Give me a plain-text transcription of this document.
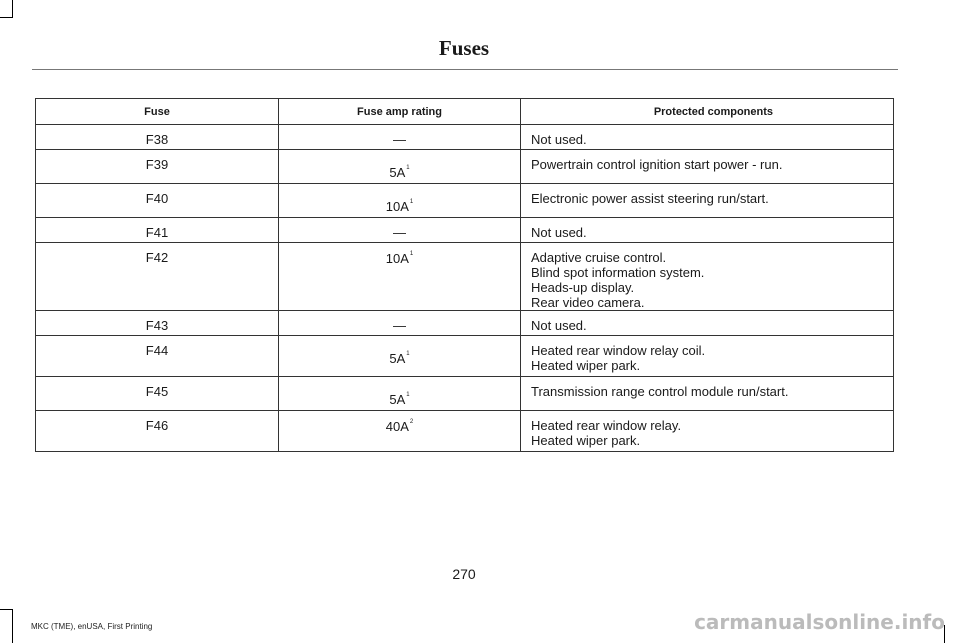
Fuses
Fuse	Fuse amp rating	Protected components
F38	—	Not used.

F39	$5A^1$	Powertrain control ignition start power - run.

F40	$10A^1$	Electronic power assist steering run/start.

F41	—	Not used.

F42	$10A^1$	Adaptive cruise control.
Blind spot information system.
Heads-up display.
Rear video camera.

F43	—	Not used.

F44	$5A^1$	Heated rear window relay coil.
Heated wiper park.

F45	$5A^1$	Transmission range control module run/start.

F46	$40A^2$	Heated rear window relay.
Heated wiper park.
270
MKC (TME), enUSA, First Printing	carmanualsonline.info
